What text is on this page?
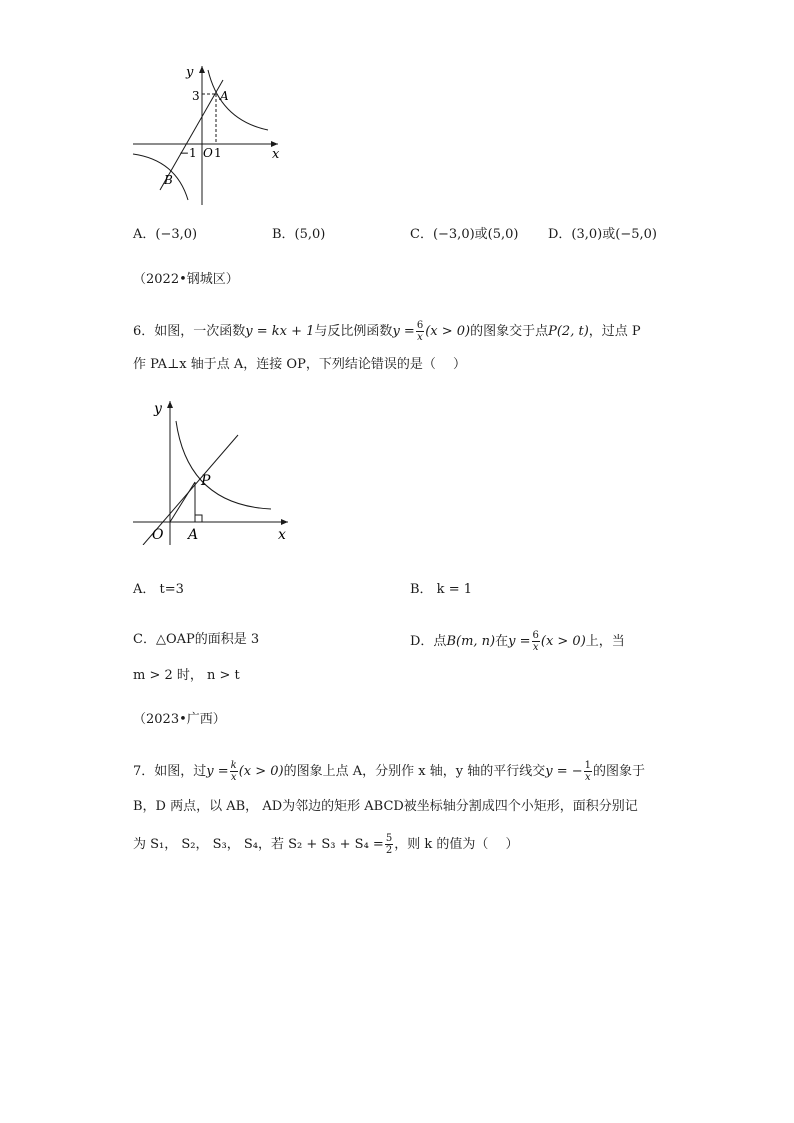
y
x
3 A
−1 O 1
B
A．(−3,0)	B．(5,0)	C．(−3,0)或(5,0) D．(3,0)或(−5,0)
（2022•钢城区）
6．如图，一次函数y = kx + 1与反比例函数$y = \frac{6}{x} (x > 0)$的图象交于点P(2, t)，过点 P
作 PA⊥x 轴于点 A，连接 OP，下列结论错误的是（　 ）
y
x
O A
P
A． t=3	B． k = 1
C．△OAP的面积是 3	D．点B(m, n)在$y = \frac{6}{x} (x > 0)$上，当
m > 2 时， n > t
（2023•广西）
7．如图，过$y = \frac{k}{x} (x > 0)$的图象上点 A，分别作 x 轴，y 轴的平行线交y = − $\frac{1}{x}$ 的图象于
B，D 两点，以 AB， AD为邻边的矩形 ABCD被坐标轴分割成四个小矩形，面积分别记
为 S₁， S₂， S₃， S₄，若 $S_2 + S_3 + S_4 = \frac{5}{2}$ ，则 k 的值为（　 ）
